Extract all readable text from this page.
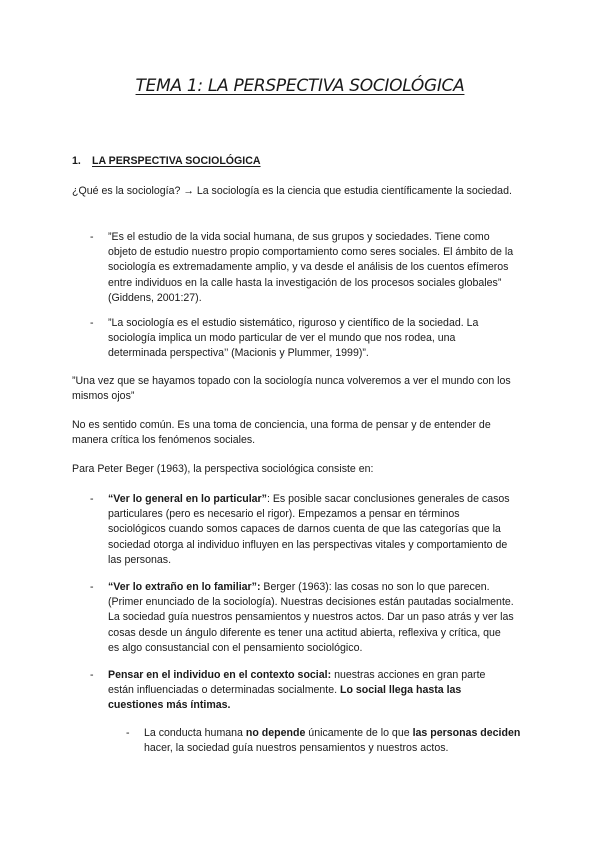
TEMA 1: LA PERSPECTIVA SOCIOLÓGICA
1. LA PERSPECTIVA SOCIOLÓGICA
¿Qué es la sociología? → La sociología es la ciencia que estudia científicamente la sociedad.
- ”Es el estudio de la vida social humana, de sus grupos y sociedades. Tiene como objeto de estudio nuestro propio comportamiento como seres sociales. El ámbito de la sociología es extremadamente amplio, y va desde el análisis de los cuentos efímeros entre individuos en la calle hasta la investigación de los procesos sociales globales” (Giddens, 2001:27).
- ”La sociología es el estudio sistemático, riguroso y científico de la sociedad. La sociología implica un modo particular de ver el mundo que nos rodea, una determinada perspectiva’’ (Macionis y Plummer, 1999)”.
”Una vez que se hayamos topado con la sociología nunca volveremos a ver el mundo con los mismos ojos”
No es sentido común. Es una toma de conciencia, una forma de pensar y de entender de manera crítica los fenómenos sociales.
Para Peter Beger (1963), la perspectiva sociológica consiste en:
- “Ver lo general en lo particular”: Es posible sacar conclusiones generales de casos particulares (pero es necesario el rigor). Empezamos a pensar en términos sociológicos cuando somos capaces de darnos cuenta de que las categorías que la sociedad otorga al individuo influyen en las perspectivas vitales y comportamiento de las personas.
- “Ver lo extraño en lo familiar”: Berger (1963): las cosas no son lo que parecen. (Primer enunciado de la sociología). Nuestras decisiones están pautadas socialmente. La sociedad guía nuestros pensamientos y nuestros actos. Dar un paso atrás y ver las cosas desde un ángulo diferente es tener una actitud abierta, reflexiva y crítica, que es algo consustancial con el pensamiento sociológico.
- Pensar en el individuo en el contexto social: nuestras acciones en gran parte están influenciadas o determinadas socialmente. Lo social llega hasta las cuestiones más íntimas.
- La conducta humana no depende únicamente de lo que las personas deciden hacer, la sociedad guía nuestros pensamientos y nuestros actos.
